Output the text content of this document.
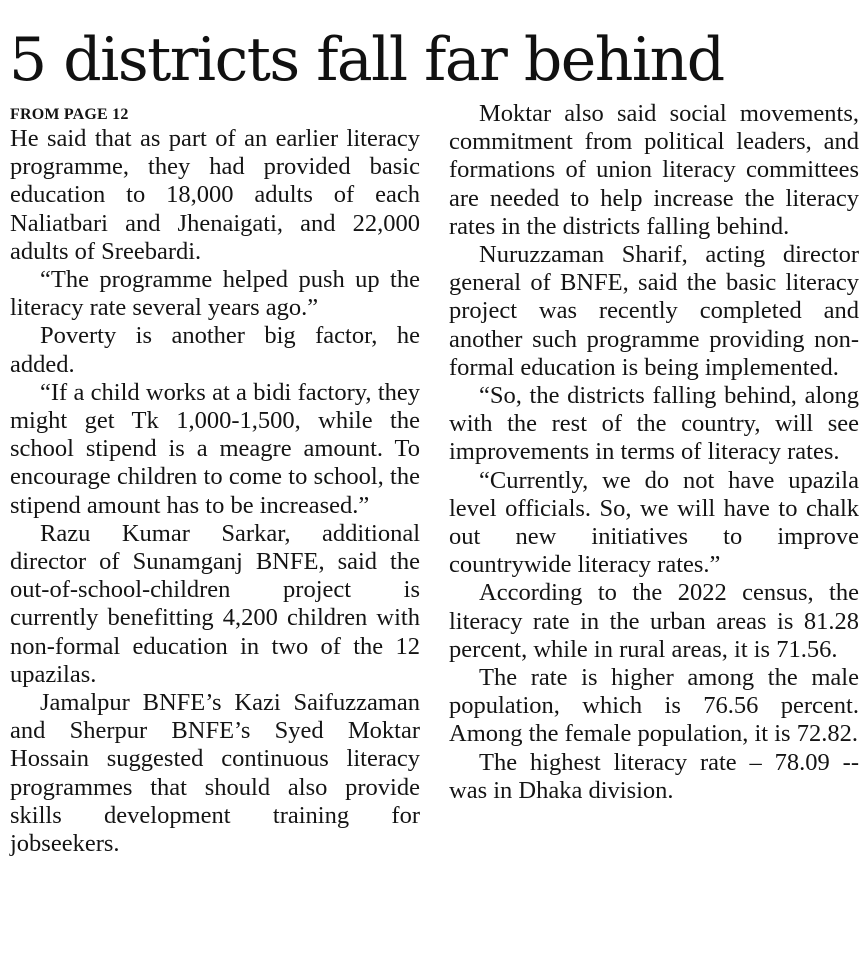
5 districts fall far behind
FROM PAGE 12

He said that as part of an earlier literacy programme, they had provided basic education to 18,000 adults of each Naliatbari and Jhenaigati, and 22,000 adults of Sreebardi.

“The programme helped push up the literacy rate several years ago.”

Poverty is another big factor, he added.

“If a child works at a bidi factory, they might get Tk 1,000-1,500, while the school stipend is a meagre amount. To encourage children to come to school, the stipend amount has to be increased.”

Razu Kumar Sarkar, additional director of Sunamganj BNFE, said the out-of-school-children project is currently benefitting 4,200 children with non-formal education in two of the 12 upazilas.

Jamalpur BNFE’s Kazi Saifuzzaman and Sherpur BNFE’s Syed Moktar Hossain suggested continuous literacy programmes that should also provide skills development training for jobseekers.

Moktar also said social movements, commitment from political leaders, and formations of union literacy committees are needed to help increase the literacy rates in the districts falling behind.

Nuruzzaman Sharif, acting director general of BNFE, said the basic literacy project was recently completed and another such programme providing non-formal education is being implemented.

“So, the districts falling behind, along with the rest of the country, will see improvements in terms of literacy rates.

“Currently, we do not have upazila level officials. So, we will have to chalk out new initiatives to improve countrywide literacy rates.”

According to the 2022 census, the literacy rate in the urban areas is 81.28 percent, while in rural areas, it is 71.56.

The rate is higher among the male population, which is 76.56 percent. Among the female population, it is 72.82.

The highest literacy rate – 78.09 -- was in Dhaka division.
